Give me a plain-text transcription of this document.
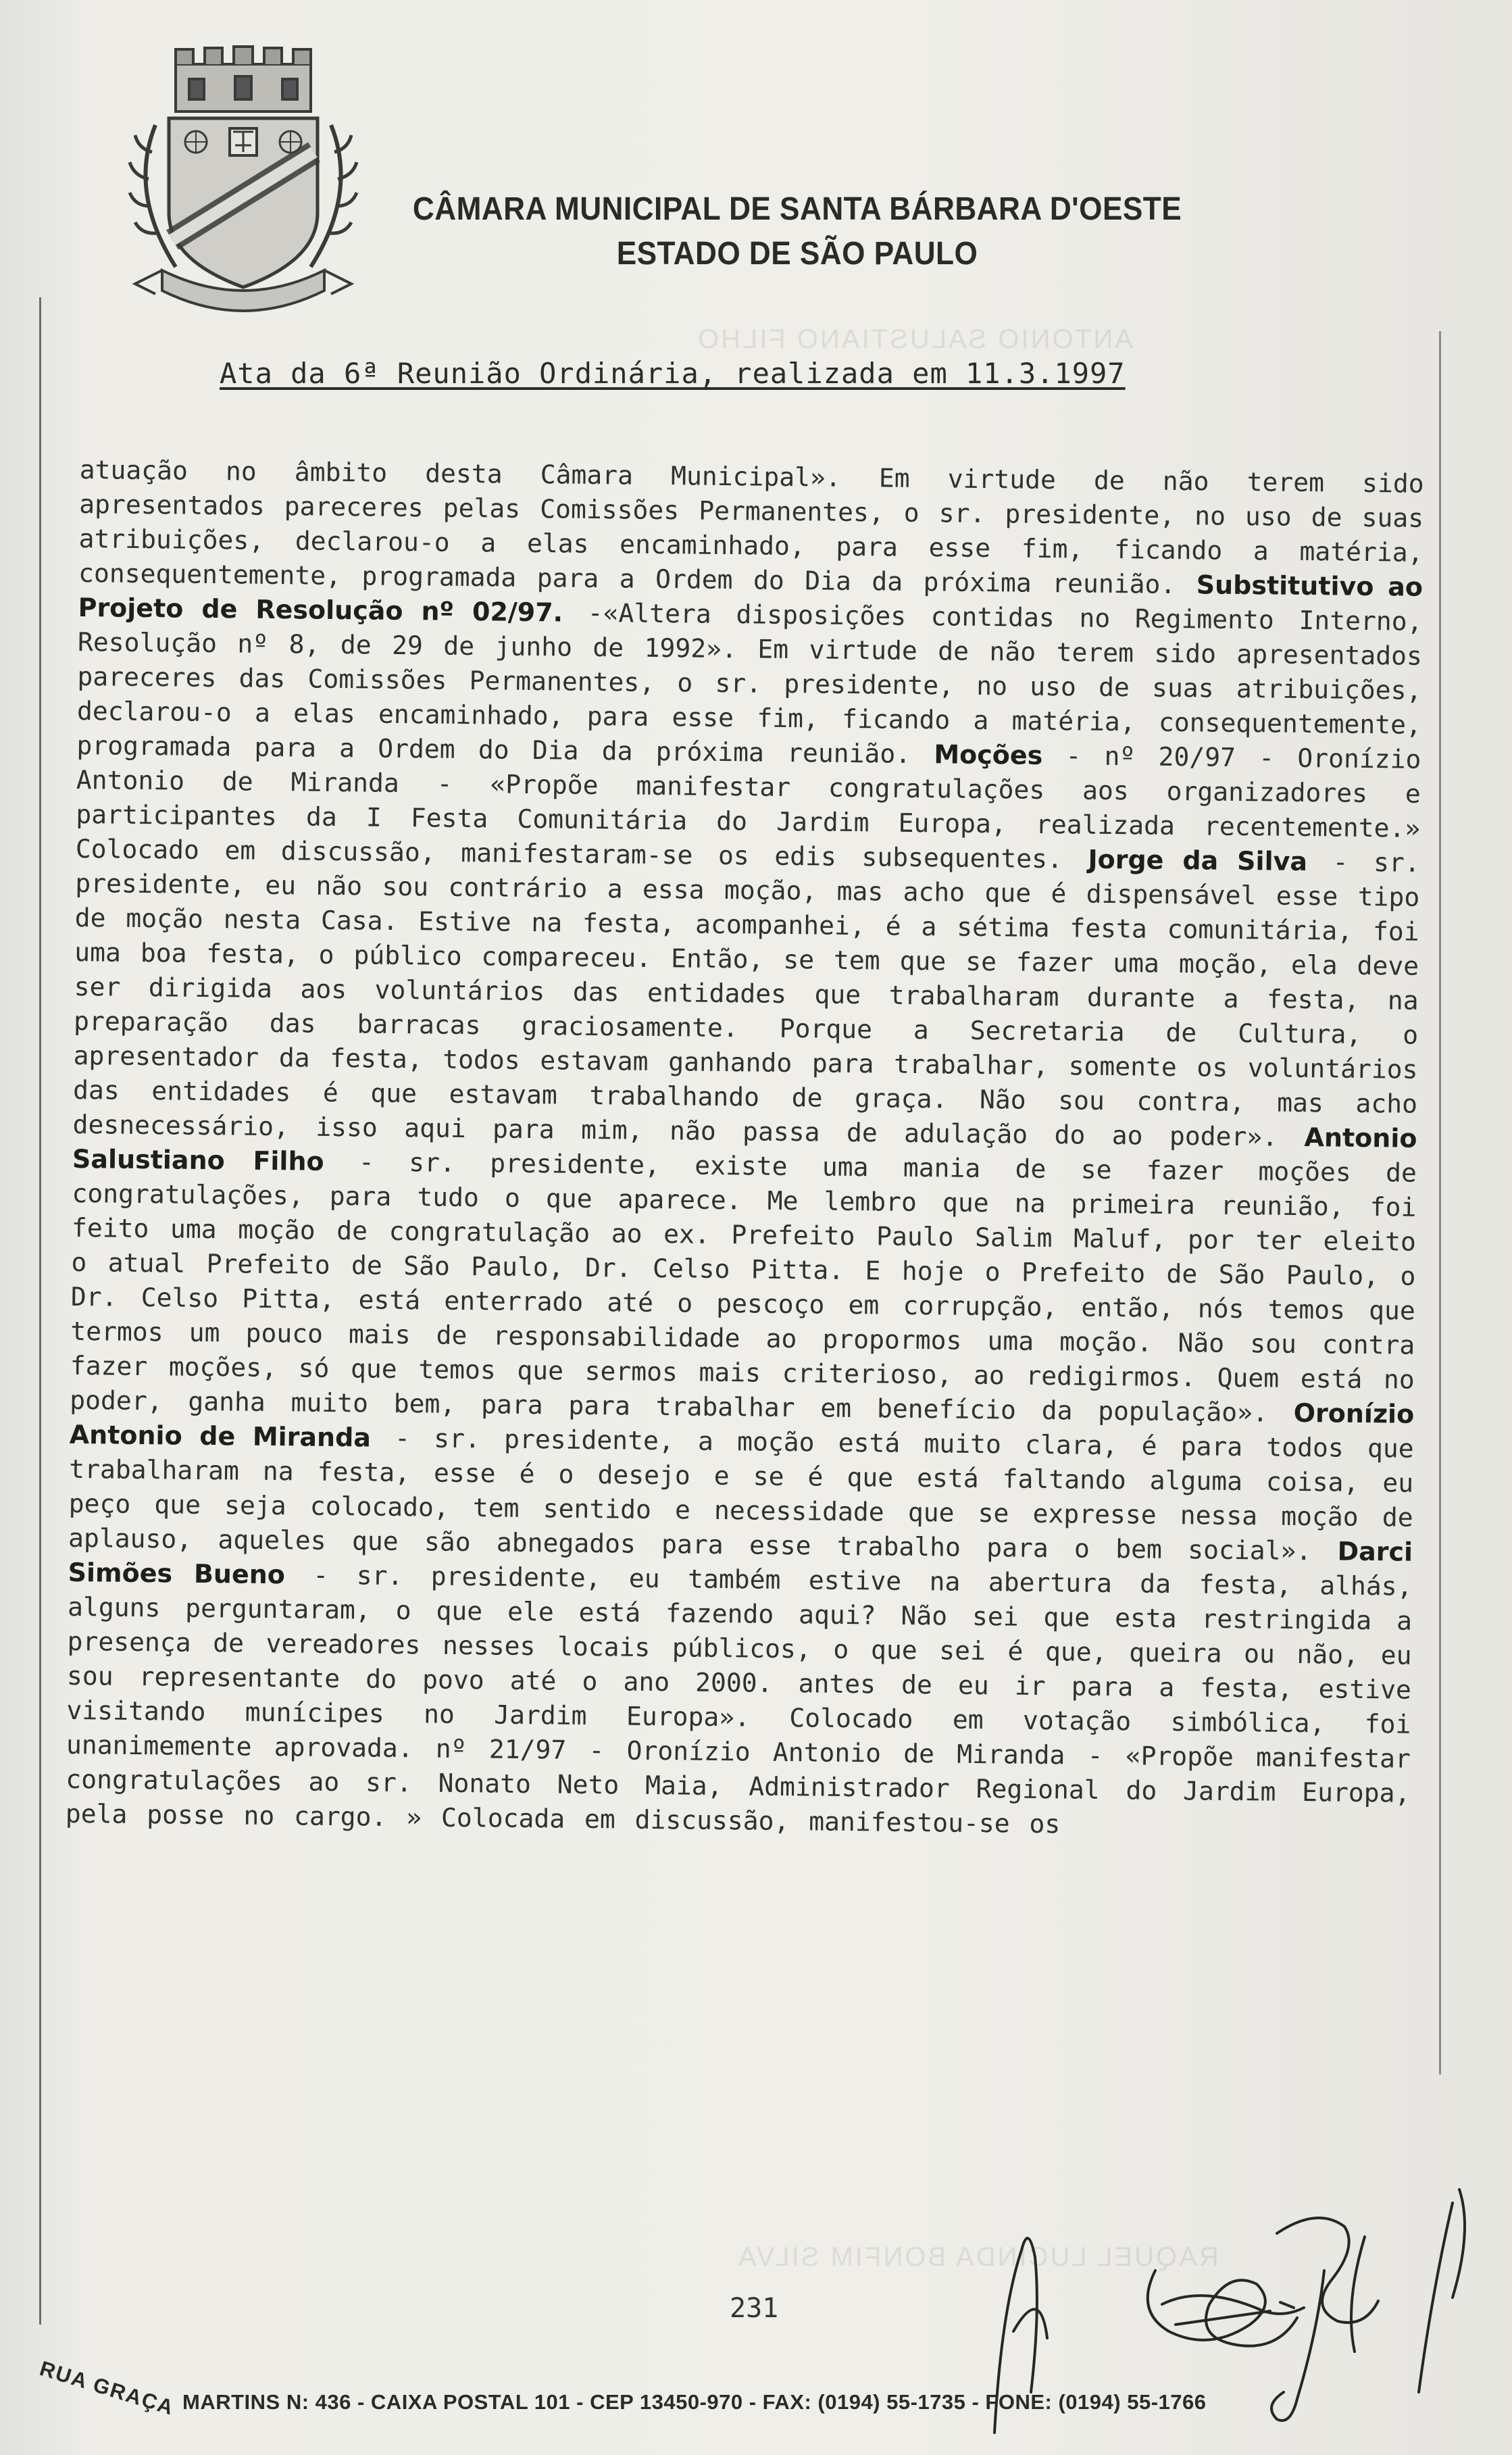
ANTONIO SALUSTIANO FILHO
RAQUEL LUCINDA BONFIM SILVA
CÂMARA MUNICIPAL DE SANTA BÁRBARA D'OESTE
ESTADO DE SÃO PAULO
Ata da 6ª Reunião Ordinária, realizada em 11.3.1997

atuação no âmbito desta Câmara Municipal». Em virtude de não terem sido apresentados pareceres pelas Comissões Permanentes, o sr. presidente, no uso de suas atribuições, declarou-o a elas encaminhado, para esse fim, ficando a matéria, consequentemente, programada para a Ordem do Dia da próxima reunião. Substitutivo ao Projeto de Resolução nº 02/97. -«Altera disposições contidas no Regimento Interno, Resolução nº 8, de 29 de junho de 1992». Em virtude de não terem sido apresentados pareceres das Comissões Permanentes, o sr. presidente, no uso de suas atribuições, declarou-o a elas encaminhado, para esse fim, ficando a matéria, consequentemente, programada para a Ordem do Dia da próxima reunião. Moções - nº 20/97 - Oronízio Antonio de Miranda - «Propõe manifestar congratulações aos organizadores e participantes da I Festa Comunitária do Jardim Europa, realizada recentemente.» Colocado em discussão, manifestaram-se os edis subsequentes. Jorge da Silva - sr. presidente, eu não sou contrário a essa moção, mas acho que é dispensável esse tipo de moção nesta Casa. Estive na festa, acompanhei, é a sétima festa comunitária, foi uma boa festa, o público compareceu. Então, se tem que se fazer uma moção, ela deve ser dirigida aos voluntários das entidades que trabalharam durante a festa, na preparação das barracas graciosamente. Porque a Secretaria de Cultura, o apresentador da festa, todos estavam ganhando para trabalhar, somente os voluntários das entidades é que estavam trabalhando de graça. Não sou contra, mas acho desnecessário, isso aqui para mim, não passa de adulação do ao poder». Antonio Salustiano Filho - sr. presidente, existe uma mania de se fazer moções de congratulações, para tudo o que aparece. Me lembro que na primeira reunião, foi feito uma moção de congratulação ao ex. Prefeito Paulo Salim Maluf, por ter eleito o atual Prefeito de São Paulo, Dr. Celso Pitta. E hoje o Prefeito de São Paulo, o Dr. Celso Pitta, está enterrado até o pescoço em corrupção, então, nós temos que termos um pouco mais de responsabilidade ao propormos uma moção. Não sou contra fazer moções, só que temos que sermos mais criterioso, ao redigirmos. Quem está no poder, ganha muito bem, para para trabalhar em benefício da população». Oronízio Antonio de Miranda - sr. presidente, a moção está muito clara, é para todos que trabalharam na festa, esse é o desejo e se é que está faltando alguma coisa, eu peço que seja colocado, tem sentido e necessidade que se expresse nessa moção de aplauso, aqueles que são abnegados para esse trabalho para o bem social». Darci Simões Bueno - sr. presidente, eu também estive na abertura da festa, alhás, alguns perguntaram, o que ele está fazendo aqui? Não sei que esta restringida a presença de vereadores nesses locais públicos, o que sei é que, queira ou não, eu sou representante do povo até o ano 2000. antes de eu ir para a festa, estive visitando munícipes no Jardim Europa». Colocado em votação simbólica, foi unanimemente aprovada. nº 21/97 - Oronízio Antonio de Miranda - «Propõe manifestar congratulações ao sr. Nonato Neto Maia, Administrador Regional do Jardim Europa, pela posse no cargo. » Colocada em discussão, manifestou-se os

231
RUA GRAÇA MARTINS N: 436 - CAIXA POSTAL 101 - CEP 13450-970 - FAX: (0194) 55-1735 - FONE: (0194) 55-1766
